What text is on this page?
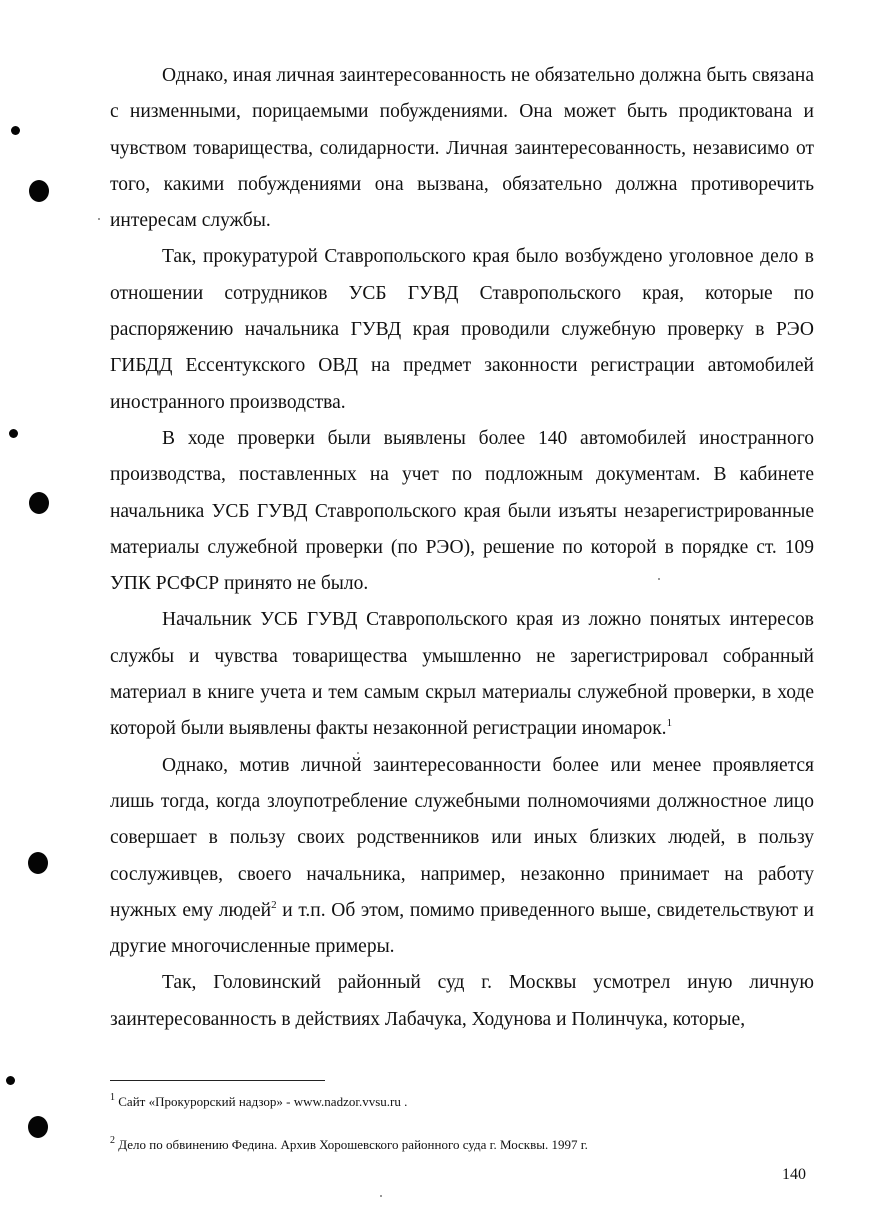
Однако, иная личная заинтересованность не обязательно должна быть связана с низменными, порицаемыми побуждениями. Она может быть продиктована и чувством товарищества, солидарности. Личная заинтересованность, независимо от того, какими побуждениями она вызвана, обязательно должна противоречить интересам службы.

Так, прокуратурой Ставропольского края было возбуждено уголовное дело в отношении сотрудников УСБ ГУВД Ставропольского края, которые по распоряжению начальника ГУВД края проводили служебную проверку в РЭО ГИБДД Ессентукского ОВД на предмет законности регистрации автомобилей иностранного производства.

В ходе проверки были выявлены более 140 автомобилей иностранного производства, поставленных на учет по подложным документам. В кабинете начальника УСБ ГУВД Ставропольского края были изъяты незарегистрированные материалы служебной проверки (по РЭО), решение по которой в порядке ст. 109 УПК РСФСР принято не было.

Начальник УСБ ГУВД Ставропольского края из ложно понятых интересов службы и чувства товарищества умышленно не зарегистрировал собранный материал в книге учета и тем самым скрыл материалы служебной проверки, в ходе которой были выявлены факты незаконной регистрации иномарок.$^1$

Однако, мотив личной заинтересованности более или менее проявляется лишь тогда, когда злоупотребление служебными полномочиями должностное лицо совершает в пользу своих родственников или иных близких людей, в пользу сослуживцев, своего начальника, например, незаконно принимает на работу нужных ему людей$^2$ и т.п. Об этом, помимо приведенного выше, свидетельствуют и другие многочисленные примеры.

Так, Головинский районный суд г. Москвы усмотрел иную личную заинтересованность в действиях Лабачука, Ходунова и Полинчука, которые,

$^1$ Сайт «Прокурорский надзор» - www.nadzor.vvsu.ru .

$^2$ Дело по обвинению Федина. Архив Хорошевского районного суда г. Москвы. 1997 г.

140
